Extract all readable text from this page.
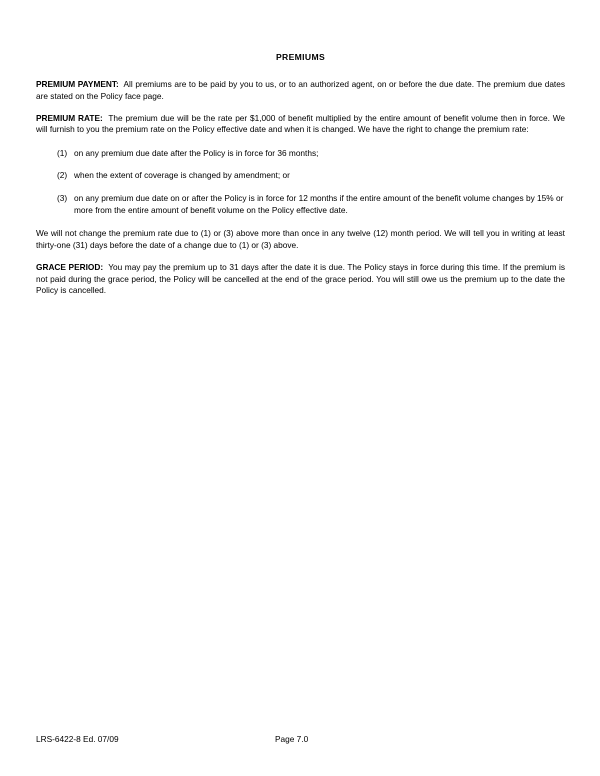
PREMIUMS

PREMIUM PAYMENT: All premiums are to be paid by you to us, or to an authorized agent, on or before the due date. The premium due dates are stated on the Policy face page.

PREMIUM RATE: The premium due will be the rate per $1,000 of benefit multiplied by the entire amount of benefit volume then in force. We will furnish to you the premium rate on the Policy effective date and when it is changed. We have the right to change the premium rate:

(1) on any premium due date after the Policy is in force for 36 months;
(2) when the extent of coverage is changed by amendment; or
(3) on any premium due date on or after the Policy is in force for 12 months if the entire amount of the benefit volume changes by 15% or more from the entire amount of benefit volume on the Policy effective date.

We will not change the premium rate due to (1) or (3) above more than once in any twelve (12) month period. We will tell you in writing at least thirty-one (31) days before the date of a change due to (1) or (3) above.

GRACE PERIOD: You may pay the premium up to 31 days after the date it is due. The Policy stays in force during this time. If the premium is not paid during the grace period, the Policy will be cancelled at the end of the grace period. You will still owe us the premium up to the date the Policy is cancelled.

LRS-6422-8 Ed. 07/09	Page 7.0
